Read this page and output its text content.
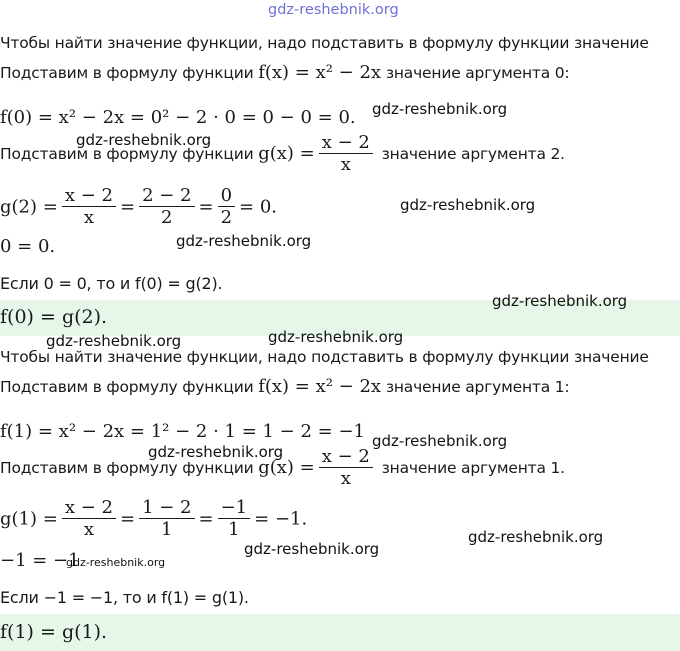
gdz-reshebnik.org
Чтобы найти значение функции, надо подставить в формулу функции значение
Подставим в формулу функции f(x) = x² − 2x значение аргумента 0:
f(0) = x² − 2x = 0² − 2 · 0 = 0 − 0 = 0.
Подставим в формулу функции $g(x) = \frac{x - 2}{x}$ значение аргумента 2.
$g(2) = \frac{x - 2}{x} = \frac{2 - 2}{2} = \frac{0}{2} = 0$.
0 = 0.
Если 0 = 0, то и f(0) = g(2).
f(0) = g(2).
Чтобы найти значение функции, надо подставить в формулу функции значение
Подставим в формулу функции f(x) = x² − 2x значение аргумента 1:
f(1) = x² − 2x = 1² − 2 · 1 = 1 − 2 = −1
Подставим в формулу функции $g(x) = \frac{x - 2}{x}$ значение аргумента 1.
$g(1) = \frac{x - 2}{x} = \frac{1 - 2}{1} = \frac{-1}{1} = -1$.
−1 = −1
Если −1 = −1, то и f(1) = g(1).
f(1) = g(1).
gdz-reshebnik.org
gdz-reshebnik.org
gdz-reshebnik.org
gdz-reshebnik.org
gdz-reshebnik.org
gdz-reshebnik.org	gdz-reshebnik.org
gdz-reshebnik.org
gdz-reshebnik.org
gdz-reshebnik.org
gdz-reshebnik.org
gdz-reshebnik.org
